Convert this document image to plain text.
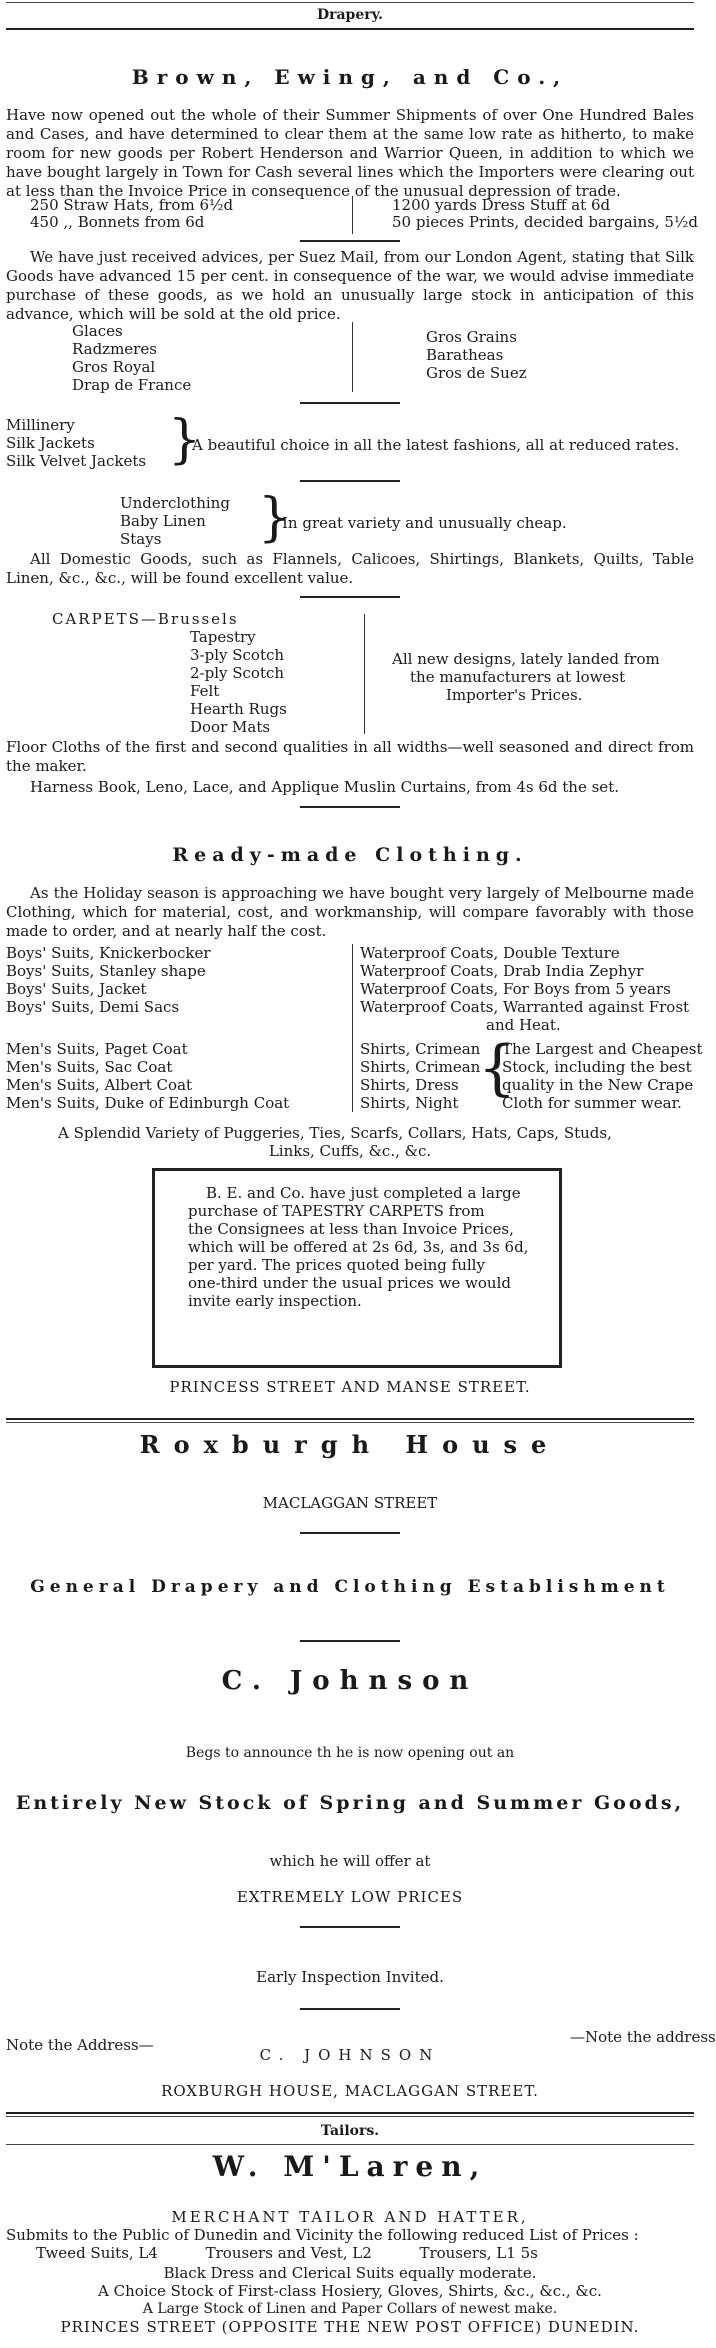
Drapery.
Brown, Ewing, and Co.,
Have now opened out the whole of their Summer Shipments of over One Hundred Bales and Cases, and have determined to clear them at the same low rate as hitherto, to make room for new goods per Robert Henderson and Warrior Queen, in addition to which we have bought largely in Town for Cash several lines which the Importers were clearing out at less than the Invoice Price in consequence of the unusual depression of trade.
250 Straw Hats, from 6½d
450 ,, Bonnets from 6d
1200 yards Dress Stuff at 6d
50 pieces Prints, decided bargains, 5½d
We have just received advices, per Suez Mail, from our London Agent, stating that Silk Goods have advanced 15 per cent. in consequence of the war, we would advise immediate purchase of these goods, as we hold an unusually large stock in anticipation of this advance, which will be sold at the old price.
Glaces
Radzmeres
Gros Royal
Drap de France
Gros Grains
Baratheas
Gros de Suez
Millinery
Silk Jackets
Silk Velvet Jackets }
A beautiful choice in all the latest fashions, all at reduced rates.
Underclothing
Baby Linen
Stays }
In great variety and unusually cheap.
All Domestic Goods, such as Flannels, Calicoes, Shirtings, Blankets, Quilts, Table Linen, &c., &c., will be found excellent value.
CARPETS—Brussels
Tapestry
3-ply Scotch
2-ply Scotch
Felt
Hearth Rugs
Door Mats
All new designs, lately landed from
the manufacturers at lowest
Importer's Prices.
Floor Cloths of the first and second qualities in all widths—well seasoned and direct from the maker.
Harness Book, Leno, Lace, and Applique Muslin Curtains, from 4s 6d the set.
Ready-made Clothing.
As the Holiday season is approaching we have bought very largely of Melbourne made Clothing, which for material, cost, and workmanship, will compare favorably with those made to order, and at nearly half the cost.
Boys' Suits, Knickerbocker
Boys' Suits, Stanley shape
Boys' Suits, Jacket
Boys' Suits, Demi Sacs
Waterproof Coats, Double Texture
Waterproof Coats, Drab India Zephyr
Waterproof Coats, For Boys from 5 years
Waterproof Coats, Warranted against Frost
and Heat.
Men's Suits, Paget Coat
Men's Suits, Sac Coat
Men's Suits, Albert Coat
Men's Suits, Duke of Edinburgh Coat
Shirts, Crimean
Shirts, Crimean
Shirts, Dress
Shirts, Night {
The Largest and Cheapest
Stock, including the best
quality in the New Crape
Cloth for summer wear.
A Splendid Variety of Puggeries, Ties, Scarfs, Collars, Hats, Caps, Studs,
Links, Cuffs, &c., &c.
B. E. and Co. have just completed a large
purchase of TAPESTRY CARPETS from
the Consignees at less than Invoice Prices,
which will be offered at 2s 6d, 3s, and 3s 6d,
per yard. The prices quoted being fully
one-third under the usual prices we would
invite early inspection.
PRINCESS STREET AND MANSE STREET.
Roxburgh House
MACLAGGAN STREET
General Drapery and Clothing Establishment
C. Johnson
Begs to announce th he is now opening out an
Entirely New Stock of Spring and Summer Goods,
which he will offer at
EXTREMELY LOW PRICES
Early Inspection Invited.
Note the Address—	—Note the address
C. JOHNSON
ROXBURGH HOUSE, MACLAGGAN STREET.
Tailors.
W. M'Laren,
MERCHANT TAILOR AND HATTER,
Submits to the Public of Dunedin and Vicinity the following reduced List of Prices :
Tweed Suits, L4          Trousers and Vest, L2          Trousers, L1 5s
Black Dress and Clerical Suits equally moderate.
A Choice Stock of First-class Hosiery, Gloves, Shirts, &c., &c., &c.
A Large Stock of Linen and Paper Collars of newest make.
PRINCES STREET (OPPOSITE THE NEW POST OFFICE) DUNEDIN.
